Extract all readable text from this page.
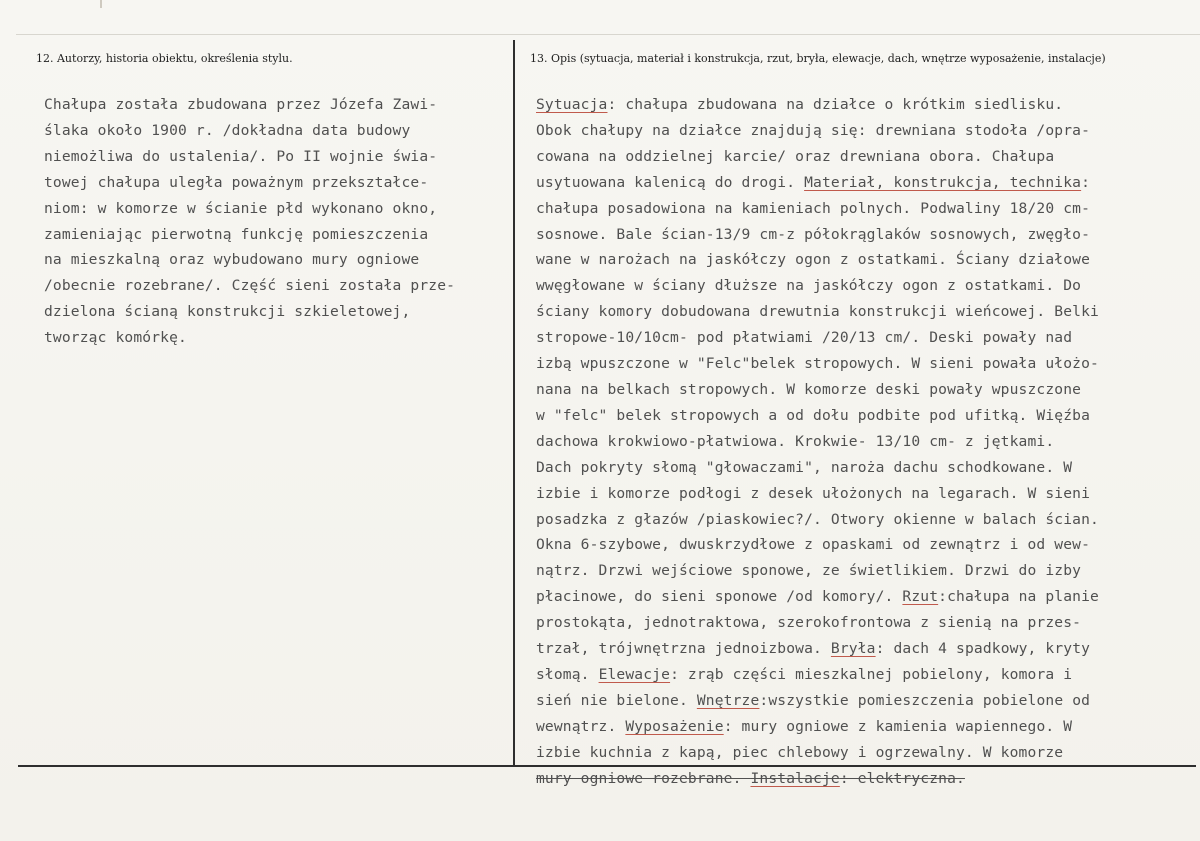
12. Autorzy, historia obiektu, określenia stylu.	13. Opis (sytuacja, materiał i konstrukcja, rzut, bryła, elewacje, dach, wnętrze wyposażenie, instalacje)
Chałupa została zbudowana przez Józefa Zawi-
ślaka około 1900 r. /dokładna data budowy
niemożliwa do ustalenia/. Po II wojnie świa-
towej chałupa uległa poważnym przekształce-
niom: w komorze w ścianie płd wykonano okno,
zamieniając pierwotną funkcję pomieszczenia
na mieszkalną oraz wybudowano mury ogniowe
/obecnie rozebrane/. Część sieni została prze-
dzielona ścianą konstrukcji szkieletowej,
tworząc komórkę.
Sytuacja: chałupa zbudowana na działce o krótkim siedlisku.
Obok chałupy na działce znajdują się: drewniana stodoła /opra-
cowana na oddzielnej karcie/ oraz drewniana obora. Chałupa
usytuowana kalenicą do drogi. Materiał, konstrukcja, technika:
chałupa posadowiona na kamieniach polnych. Podwaliny 18/20 cm-
sosnowe. Bale ścian-13/9 cm-z półokrąglaków sosnowych, zwęgło-
wane w narożach na jaskółczy ogon z ostatkami. Ściany działowe
wwęgłowane w ściany dłuższe na jaskółczy ogon z ostatkami. Do
ściany komory dobudowana drewutnia konstrukcji wieńcowej. Belki
stropowe-10/10cm- pod płatwiami /20/13 cm/. Deski powały nad
izbą wpuszczone w "Felc"belek stropowych. W sieni powała ułożo-
nana na belkach stropowych. W komorze deski powały wpuszczone
w "felc" belek stropowych a od dołu podbite pod ufitką. Więźba
dachowa krokwiowo-płatwiowa. Krokwie- 13/10 cm- z jętkami.
Dach pokryty słomą "głowaczami", naroża dachu schodkowane. W
izbie i komorze podłogi z desek ułożonych na legarach. W sieni
posadzka z głazów /piaskowiec?/. Otwory okienne w balach ścian.
Okna 6-szybowe, dwuskrzydłowe z opaskami od zewnątrz i od wew-
nątrz. Drzwi wejściowe sponowe, ze świetlikiem. Drzwi do izby
płacinowe, do sieni sponowe /od komory/. Rzut:chałupa na planie
prostokąta, jednotraktowa, szerokofrontowa z sienią na przes-
trzał, trójwnętrzna jednoizbowa. Bryła: dach 4 spadkowy, kryty
słomą. Elewacje: zrąb części mieszkalnej pobielony, komora i
sień nie bielone. Wnętrze:wszystkie pomieszczenia pobielone od
wewnątrz. Wyposażenie: mury ogniowe z kamienia wapiennego. W
izbie kuchnia z kapą, piec chlebowy i ogrzewalny. W komorze
mury ogniowe rozebrane. Instalacje: elektryczna.
